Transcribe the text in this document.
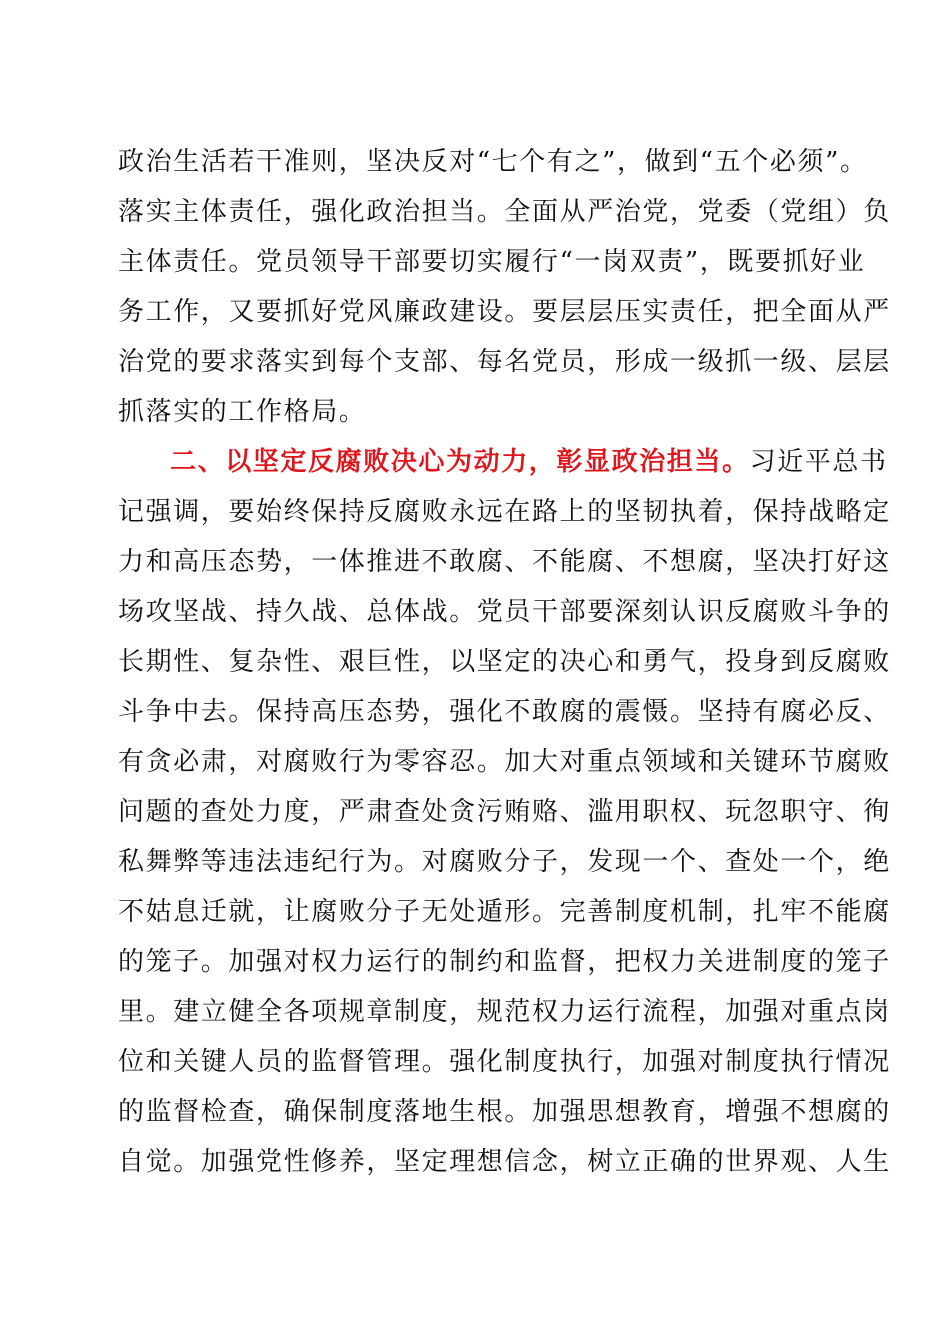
政治生活若干准则，坚决反对“七个有之”，做到“五个必须”。
落实主体责任，强化政治担当。全面从严治党，党委（党组）负
主体责任。党员领导干部要切实履行“一岗双责”，既要抓好业
务工作，又要抓好党风廉政建设。要层层压实责任，把全面从严
治党的要求落实到每个支部、每名党员，形成一级抓一级、层层
抓落实的工作格局。
二、以坚定反腐败决心为动力，彰显政治担当。习近平总书
记强调，要始终保持反腐败永远在路上的坚韧执着，保持战略定
力和高压态势，一体推进不敢腐、不能腐、不想腐，坚决打好这
场攻坚战、持久战、总体战。党员干部要深刻认识反腐败斗争的
长期性、复杂性、艰巨性，以坚定的决心和勇气，投身到反腐败
斗争中去。保持高压态势，强化不敢腐的震慑。坚持有腐必反、
有贪必肃，对腐败行为零容忍。加大对重点领域和关键环节腐败
问题的查处力度，严肃查处贪污贿赂、滥用职权、玩忽职守、徇
私舞弊等违法违纪行为。对腐败分子，发现一个、查处一个，绝
不姑息迁就，让腐败分子无处遁形。完善制度机制，扎牢不能腐
的笼子。加强对权力运行的制约和监督，把权力关进制度的笼子
里。建立健全各项规章制度，规范权力运行流程，加强对重点岗
位和关键人员的监督管理。强化制度执行，加强对制度执行情况
的监督检查，确保制度落地生根。加强思想教育，增强不想腐的
自觉。加强党性修养，坚定理想信念，树立正确的世界观、人生
